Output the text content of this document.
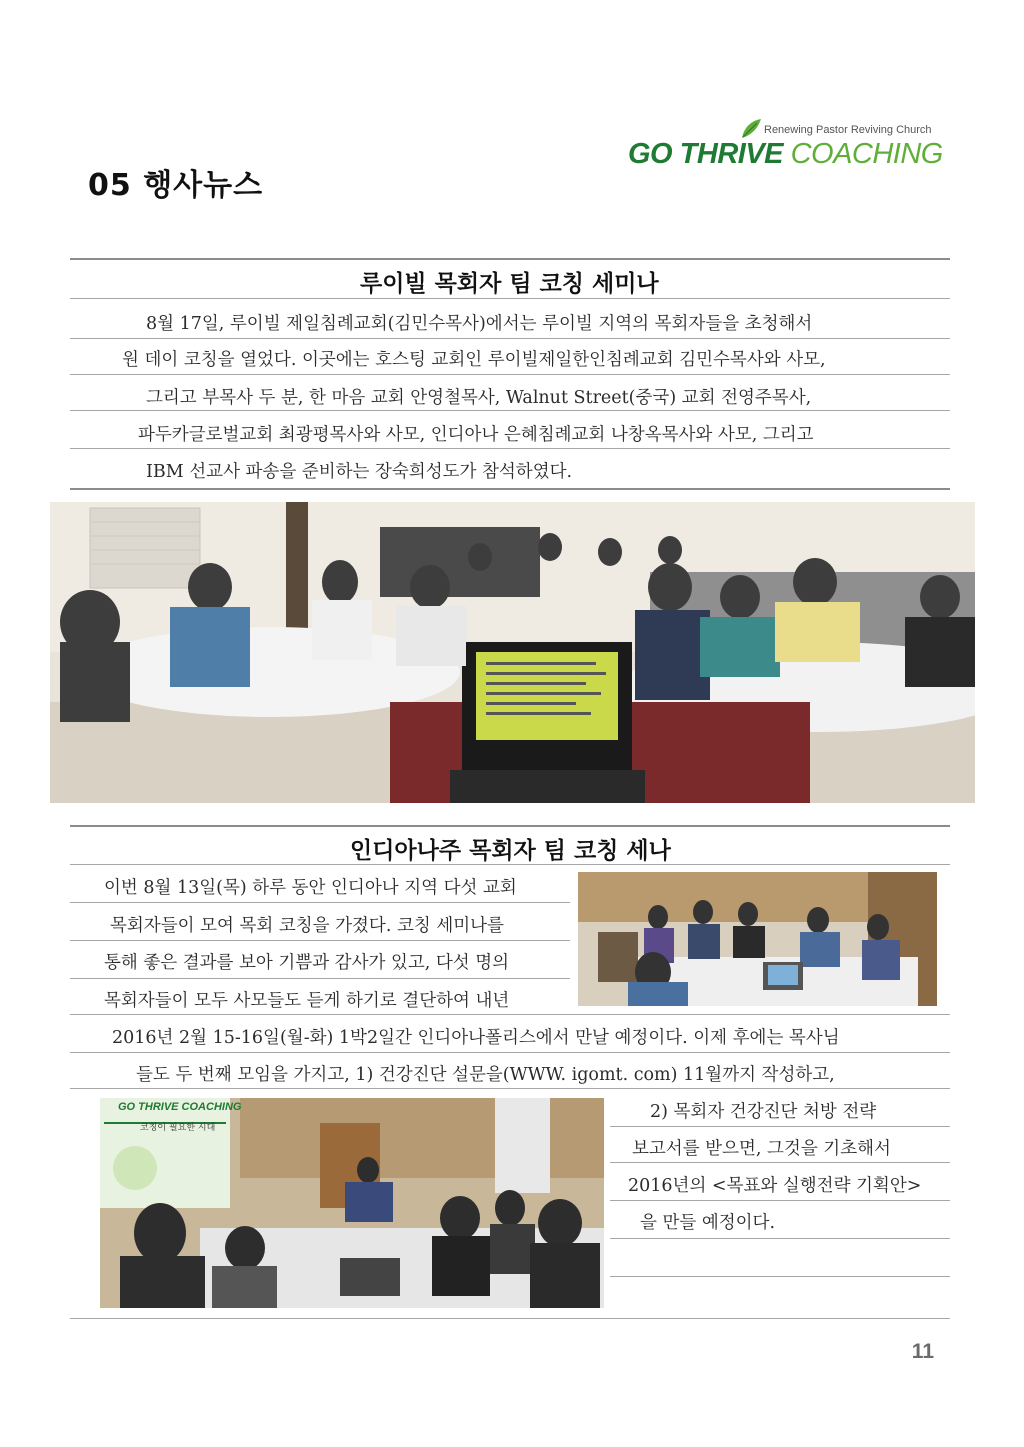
05 행사뉴스
Renewing Pastor Reviving Church
GO THRIVE COACHING
루이빌 목회자 팀 코칭 세미나
8월 17일, 루이빌 제일침례교회(김민수목사)에서는 루이빌 지역의 목회자들을 초청해서
원 데이 코칭을 열었다. 이곳에는 호스팅 교회인 루이빌제일한인침례교회 김민수목사와 사모,
그리고 부목사 두 분, 한 마음 교회 안영철목사, Walnut Street(중국) 교회 전영주목사,
파두카글로벌교회 최광평목사와 사모, 인디아나 은혜침례교회 나창옥목사와 사모, 그리고
IBM 선교사 파송을 준비하는 장숙희성도가 참석하였다.
인디아나주 목회자 팀 코칭 세나
이번 8월 13일(목) 하루 동안 인디아나 지역 다섯 교회
목회자들이 모여 목회 코칭을 가졌다. 코칭 세미나를
통해 좋은 결과를 보아 기쁨과 감사가 있고, 다섯 명의
목회자들이 모두 사모들도 듣게 하기로 결단하여 내년
2016년 2월 15-16일(월-화) 1박2일간 인디아나폴리스에서 만날 예정이다. 이제 후에는 목사님
들도 두 번째 모임을 가지고, 1) 건강진단 설문을(WWW. igomt. com) 11월까지 작성하고,
2) 목회자 건강진단 처방 전략
보고서를 받으면, 그것을 기초해서
2016년의 <목표와 실행전략 기획안>
을 만들 예정이다.
GO THRIVE COACHING
코칭이 필요한 시대
11
